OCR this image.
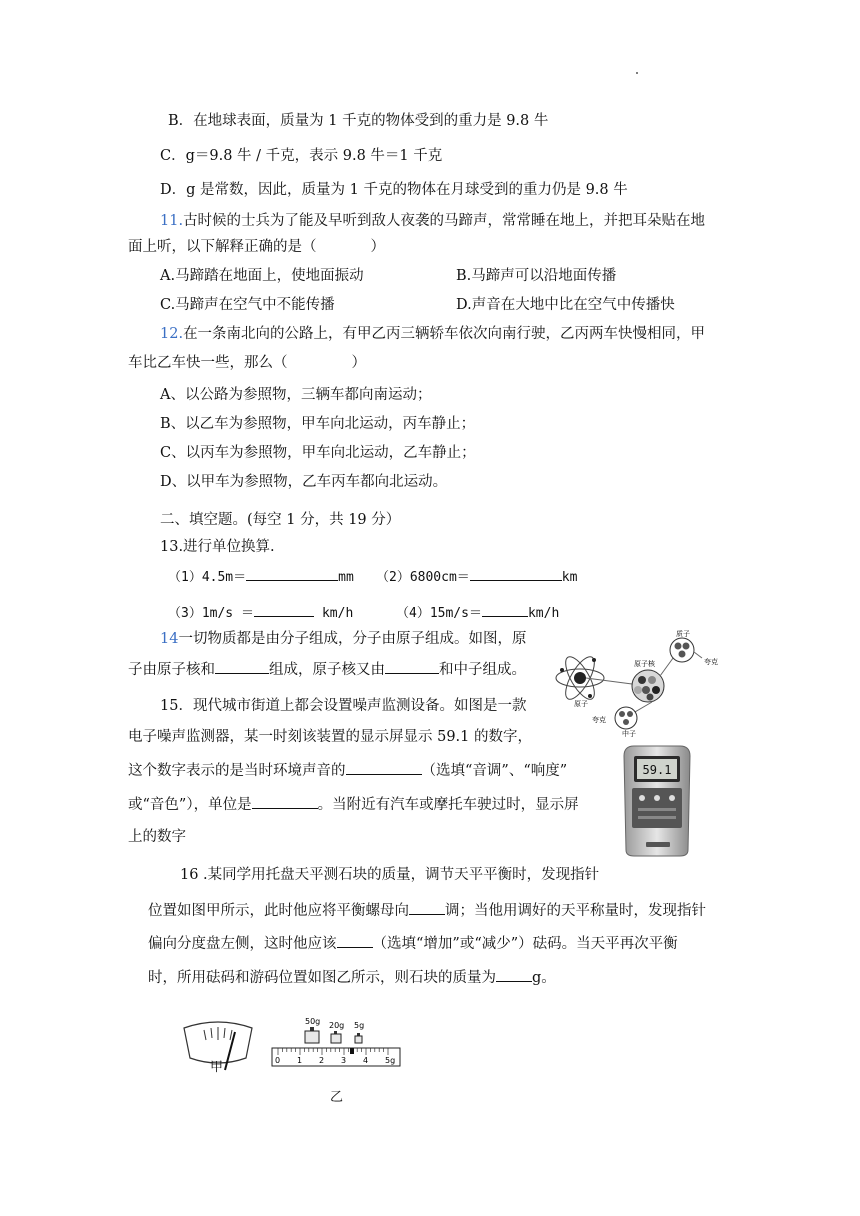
B．在地球表面，质量为 1 千克的物体受到的重力是 9.8 牛
C．g＝9.8 牛 / 千克，表示 9.8 牛＝1 千克
D．g 是常数，因此，质量为 1 千克的物体在月球受到的重力仍是 9.8 牛
11.古时候的士兵为了能及早听到敌人夜袭的马蹄声，常常睡在地上，并把耳朵贴在地
面上听，以下解释正确的是（	）
A.马蹄踏在地面上，使地面振动	B.马蹄声可以沿地面传播
C.马蹄声在空气中不能传播	D.声音在大地中比在空气中传播快
12.在一条南北向的公路上，有甲乙丙三辆轿车依次向南行驶，乙丙两车快慢相同，甲
车比乙车快一些，那么（	）
A、以公路为参照物，三辆车都向南运动；
B、以乙车为参照物，甲车向北运动，丙车静止；
C、以丙车为参照物，甲车向北运动，乙车静止；
D、以甲车为参照物，乙车丙车都向北运动。
二、填空题。(每空 1 分，共 19 分）
13.进行单位换算.
（1）4.5m＝	mm （2）6800cm＝	km
（3）1m/s ＝	km/h	（4）15m/s＝	km/h
14一切物质都是由分子组成，分子由原子组成。如图，原
子由原子核和	组成，原子核又由	和中子组成。
质子
夸克
原子核
原子
夸克
中子
15．现代城市街道上都会设置噪声监测设备。如图是一款
电子噪声监测器，某一时刻该装置的显示屏显示 59.1 的数字，
这个数字表示的是当时环境声音的	（选填“音调”、“响度”
或“音色”），单位是	。当附近有汽车或摩托车驶过时，显示屏
上的数字
59.1
16 .某同学用托盘天平测石块的质量，调节天平平衡时，发现指针
位置如图甲所示，此时他应将平衡螺母向 调；当他用调好的天平称量时，发现指针
偏向分度盘左侧，这时他应该 （选填“增加”或“减少”）砝码。当天平再次平衡
时，所用砝码和游码位置如图乙所示，则石块的质量为 g。
甲
50g 20g 5g
0 1 2 3 4 5g
乙
